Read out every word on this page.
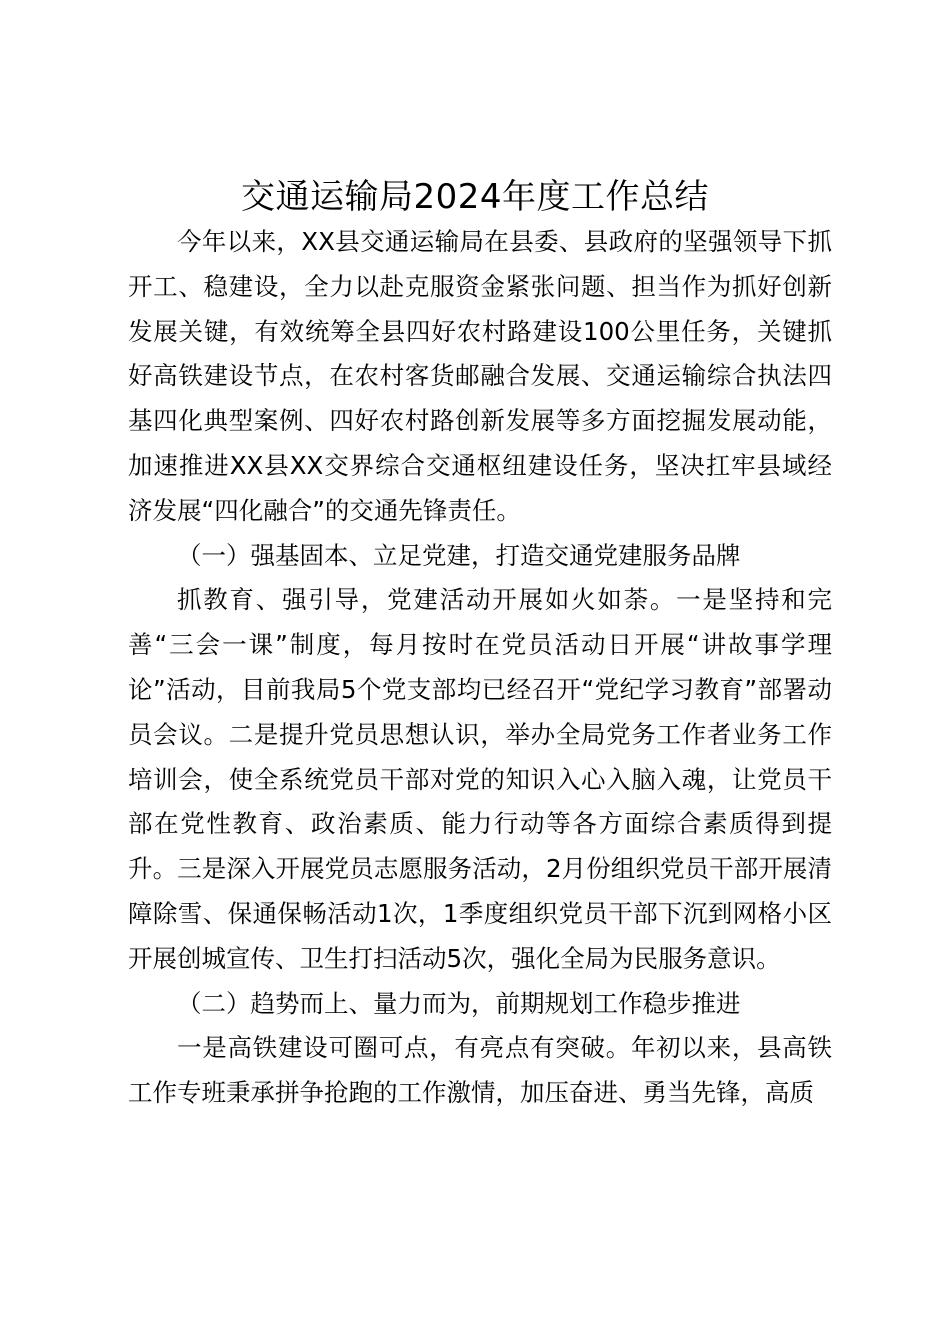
交通运输局2024年度工作总结

今年以来，XX县交通运输局在县委、县政府的坚强领导下抓开工、稳建设，全力以赴克服资金紧张问题、担当作为抓好创新发展关键，有效统筹全县四好农村路建设100公里任务，关键抓好高铁建设节点，在农村客货邮融合发展、交通运输综合执法四基四化典型案例、四好农村路创新发展等多方面挖掘发展动能，加速推进XX县XX交界综合交通枢纽建设任务，坚决扛牢县域经济发展“四化融合”的交通先锋责任。

（一）强基固本、立足党建，打造交通党建服务品牌

抓教育、强引导，党建活动开展如火如荼。一是坚持和完善“三会一课”制度，每月按时在党员活动日开展“讲故事学理论”活动，目前我局5个党支部均已经召开“党纪学习教育”部署动员会议。二是提升党员思想认识，举办全局党务工作者业务工作培训会，使全系统党员干部对党的知识入心入脑入魂，让党员干部在党性教育、政治素质、能力行动等各方面综合素质得到提升。三是深入开展党员志愿服务活动，2月份组织党员干部开展清障除雪、保通保畅活动1次，1季度组织党员干部下沉到网格小区开展创城宣传、卫生打扫活动5次，强化全局为民服务意识。

（二）趋势而上、量力而为，前期规划工作稳步推进

一是高铁建设可圈可点，有亮点有突破。年初以来，县高铁工作专班秉承拼争抢跑的工作激情，加压奋进、勇当先锋，高质
